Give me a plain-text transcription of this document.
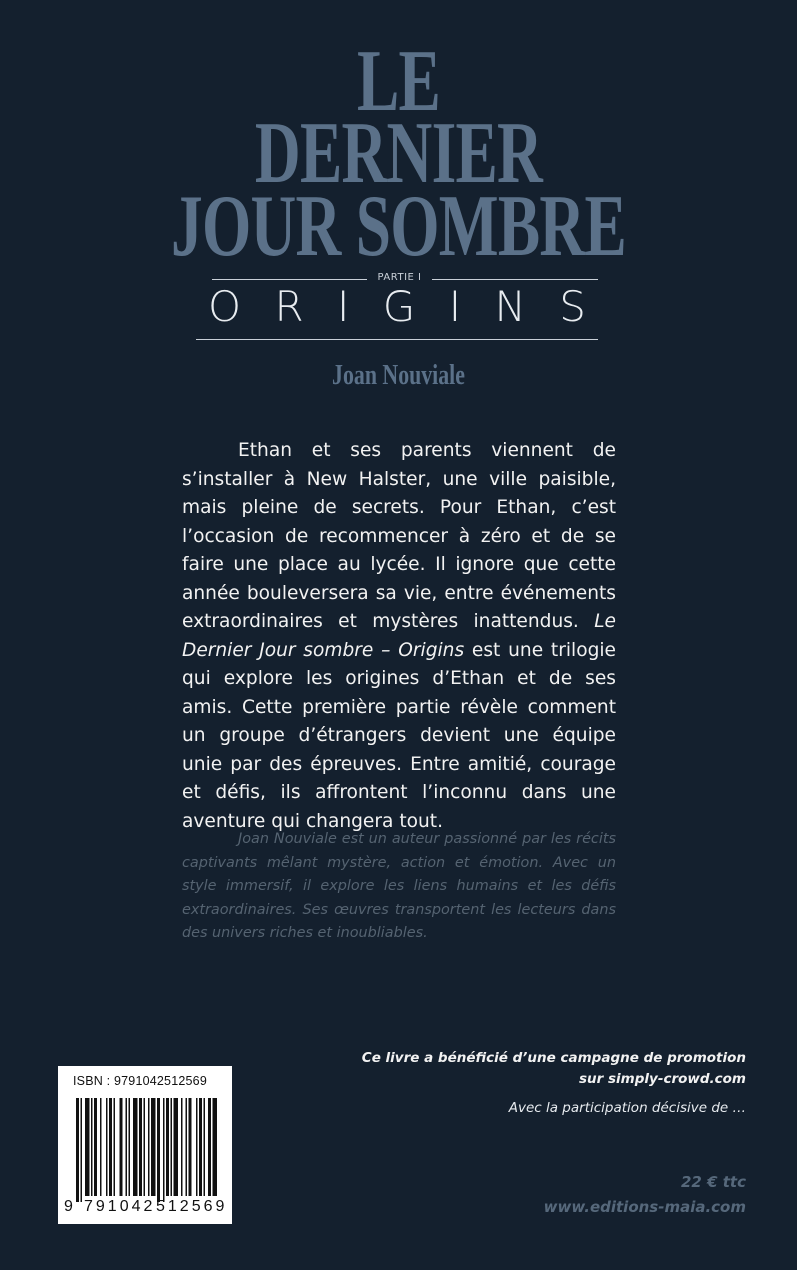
LE
DERNIER
JOUR SOMBRE
PARTIE I
O R I G I N S
Joan Nouviale

Ethan et ses parents viennent de s’installer à New Halster, une ville paisible, mais pleine de secrets. Pour Ethan, c’est l’occasion de recommencer à zéro et de se faire une place au lycée. Il ignore que cette année bouleversera sa vie, entre événements extraordinaires et mystères inattendus. Le Dernier Jour sombre – Origins est une trilogie qui explore les origines d’Ethan et de ses amis. Cette première partie révèle comment un groupe d’étrangers devient une équipe unie par des épreuves. Entre amitié, courage et défis, ils affrontent l’inconnu dans une aventure qui changera tout.

Joan Nouviale est un auteur passionné par les récits captivants mêlant mystère, action et émotion. Avec un style immersif, il explore les liens humains et les défis extraordinaires. Ses œuvres transportent les lecteurs dans des univers riches et inoubliables.

Ce livre a bénéficié d’une campagne de promotion
sur simply-crowd.com

Avec la participation décisive de …

22 € ttc

www.editions-maia.com

ISBN : 9791042512569
9 791042 512569
